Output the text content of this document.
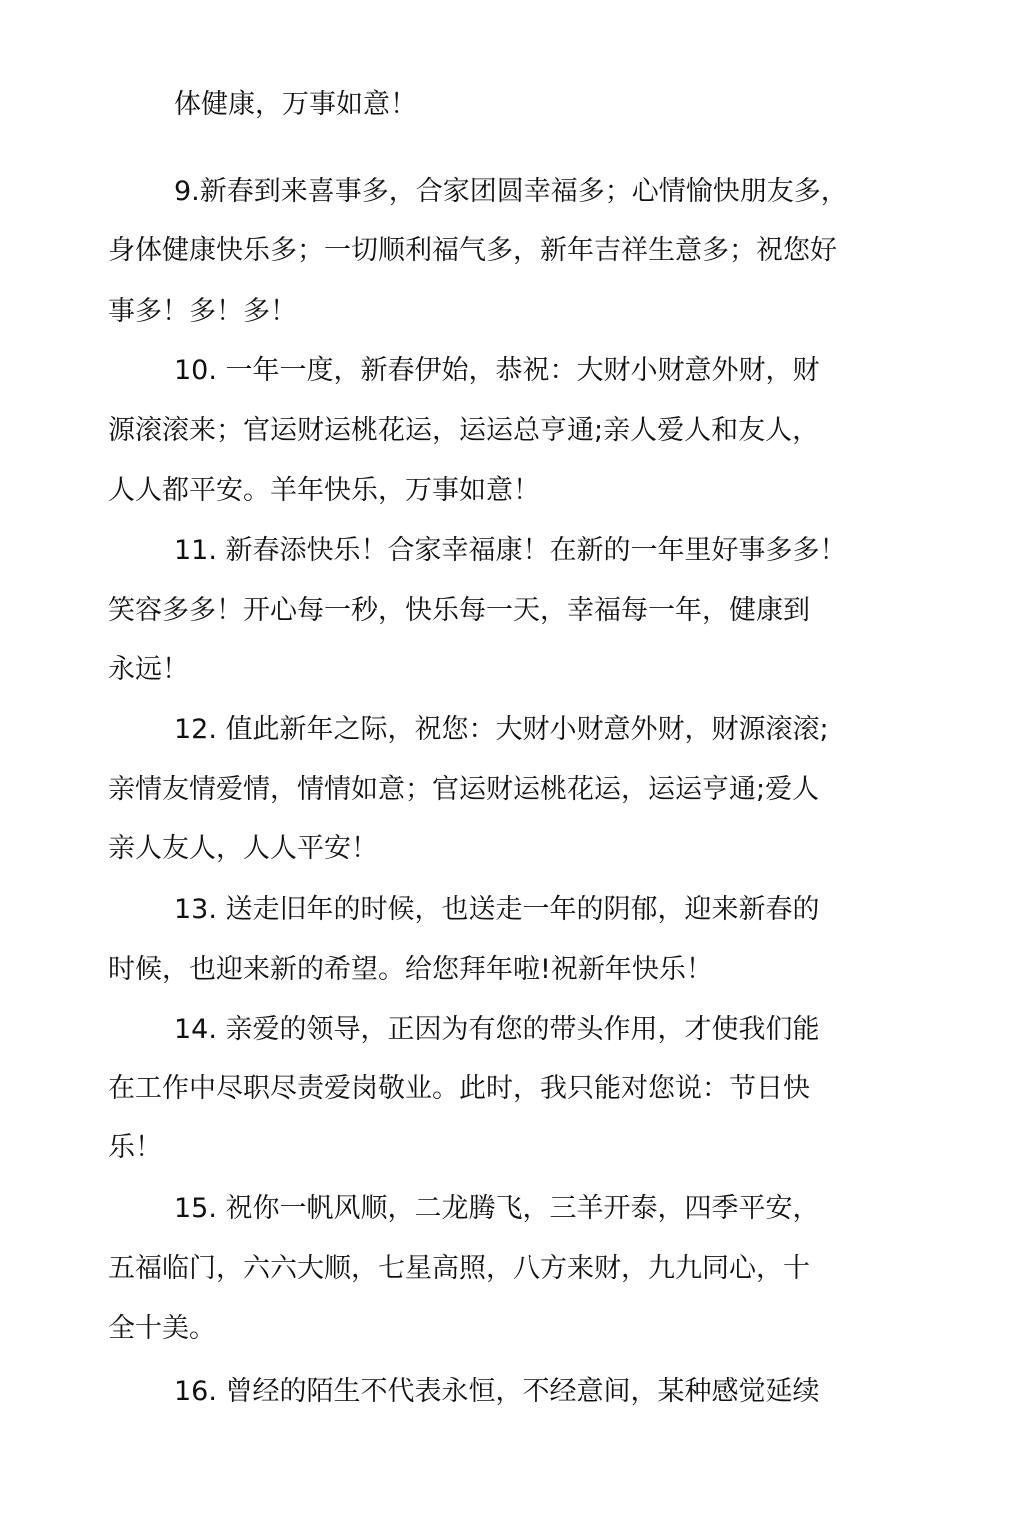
体健康，万事如意！
9.新春到来喜事多，合家团圆幸福多；心情愉快朋友多，
身体健康快乐多；一切顺利福气多，新年吉祥生意多；祝您好
事多！多！多！
10. 一年一度，新春伊始，恭祝：大财小财意外财，财
源滚滚来；官运财运桃花运，运运总亨通;亲人爱人和友人，
人人都平安。羊年快乐，万事如意！
11. 新春添快乐！合家幸福康！在新的一年里好事多多！
笑容多多！开心每一秒，快乐每一天，幸福每一年，健康到
永远！
12. 值此新年之际，祝您：大财小财意外财，财源滚滚;
亲情友情爱情，情情如意；官运财运桃花运，运运亨通;爱人
亲人友人，人人平安！
13. 送走旧年的时候，也送走一年的阴郁，迎来新春的
时候，也迎来新的希望。给您拜年啦!祝新年快乐！
14. 亲爱的领导，正因为有您的带头作用，才使我们能
在工作中尽职尽责爱岗敬业。此时，我只能对您说：节日快
乐！
15. 祝你一帆风顺，二龙腾飞，三羊开泰，四季平安，
五福临门，六六大顺，七星高照，八方来财，九九同心，十
全十美。
16. 曾经的陌生不代表永恒，不经意间，某种感觉延续
